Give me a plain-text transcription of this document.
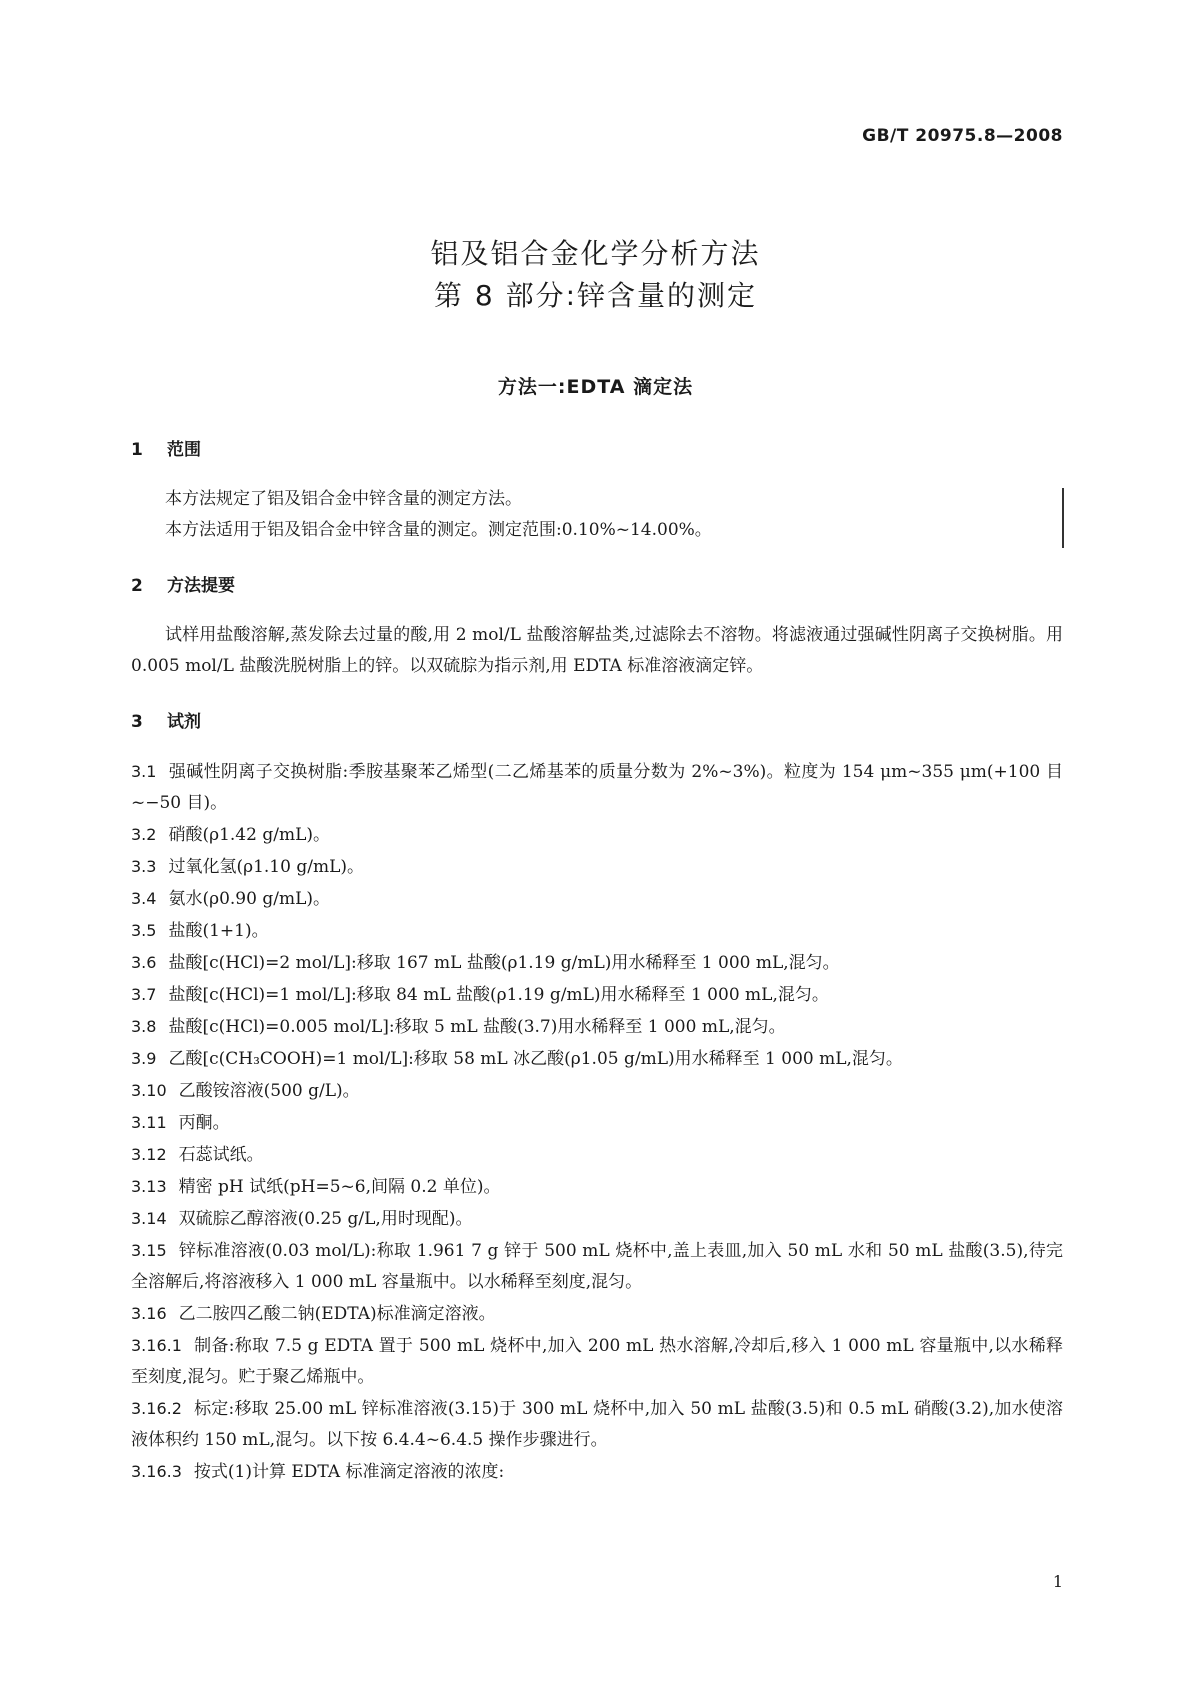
GB/T 20975.8—2008
铝及铝合金化学分析方法
第 8 部分:锌含量的测定
方法一:EDTA 滴定法
1 范围
本方法规定了铝及铝合金中锌含量的测定方法。
本方法适用于铝及铝合金中锌含量的测定。测定范围:0.10%~14.00%。
2 方法提要
试样用盐酸溶解,蒸发除去过量的酸,用 2 mol/L 盐酸溶解盐类,过滤除去不溶物。将滤液通过强碱性阴离子交换树脂。用 0.005 mol/L 盐酸洗脱树脂上的锌。以双硫腙为指示剂,用 EDTA 标准溶液滴定锌。
3 试剂
3.1 强碱性阴离子交换树脂:季胺基聚苯乙烯型(二乙烯基苯的质量分数为 2%~3%)。粒度为 154 μm~355 μm(+100 目~−50 目)。
3.2 硝酸(ρ1.42 g/mL)。
3.3 过氧化氢(ρ1.10 g/mL)。
3.4 氨水(ρ0.90 g/mL)。
3.5 盐酸(1+1)。
3.6 盐酸[c(HCl)=2 mol/L]:移取 167 mL 盐酸(ρ1.19 g/mL)用水稀释至 1 000 mL,混匀。
3.7 盐酸[c(HCl)=1 mol/L]:移取 84 mL 盐酸(ρ1.19 g/mL)用水稀释至 1 000 mL,混匀。
3.8 盐酸[c(HCl)=0.005 mol/L]:移取 5 mL 盐酸(3.7)用水稀释至 1 000 mL,混匀。
3.9 乙酸[c(CH₃COOH)=1 mol/L]:移取 58 mL 冰乙酸(ρ1.05 g/mL)用水稀释至 1 000 mL,混匀。
3.10 乙酸铵溶液(500 g/L)。
3.11 丙酮。
3.12 石蕊试纸。
3.13 精密 pH 试纸(pH=5~6,间隔 0.2 单位)。
3.14 双硫腙乙醇溶液(0.25 g/L,用时现配)。
3.15 锌标准溶液(0.03 mol/L):称取 1.961 7 g 锌于 500 mL 烧杯中,盖上表皿,加入 50 mL 水和 50 mL 盐酸(3.5),待完全溶解后,将溶液移入 1 000 mL 容量瓶中。以水稀释至刻度,混匀。
3.16 乙二胺四乙酸二钠(EDTA)标准滴定溶液。
3.16.1 制备:称取 7.5 g EDTA 置于 500 mL 烧杯中,加入 200 mL 热水溶解,冷却后,移入 1 000 mL 容量瓶中,以水稀释至刻度,混匀。贮于聚乙烯瓶中。
3.16.2 标定:移取 25.00 mL 锌标准溶液(3.15)于 300 mL 烧杯中,加入 50 mL 盐酸(3.5)和 0.5 mL 硝酸(3.2),加水使溶液体积约 150 mL,混匀。以下按 6.4.4~6.4.5 操作步骤进行。
3.16.3 按式(1)计算 EDTA 标准滴定溶液的浓度:
1
